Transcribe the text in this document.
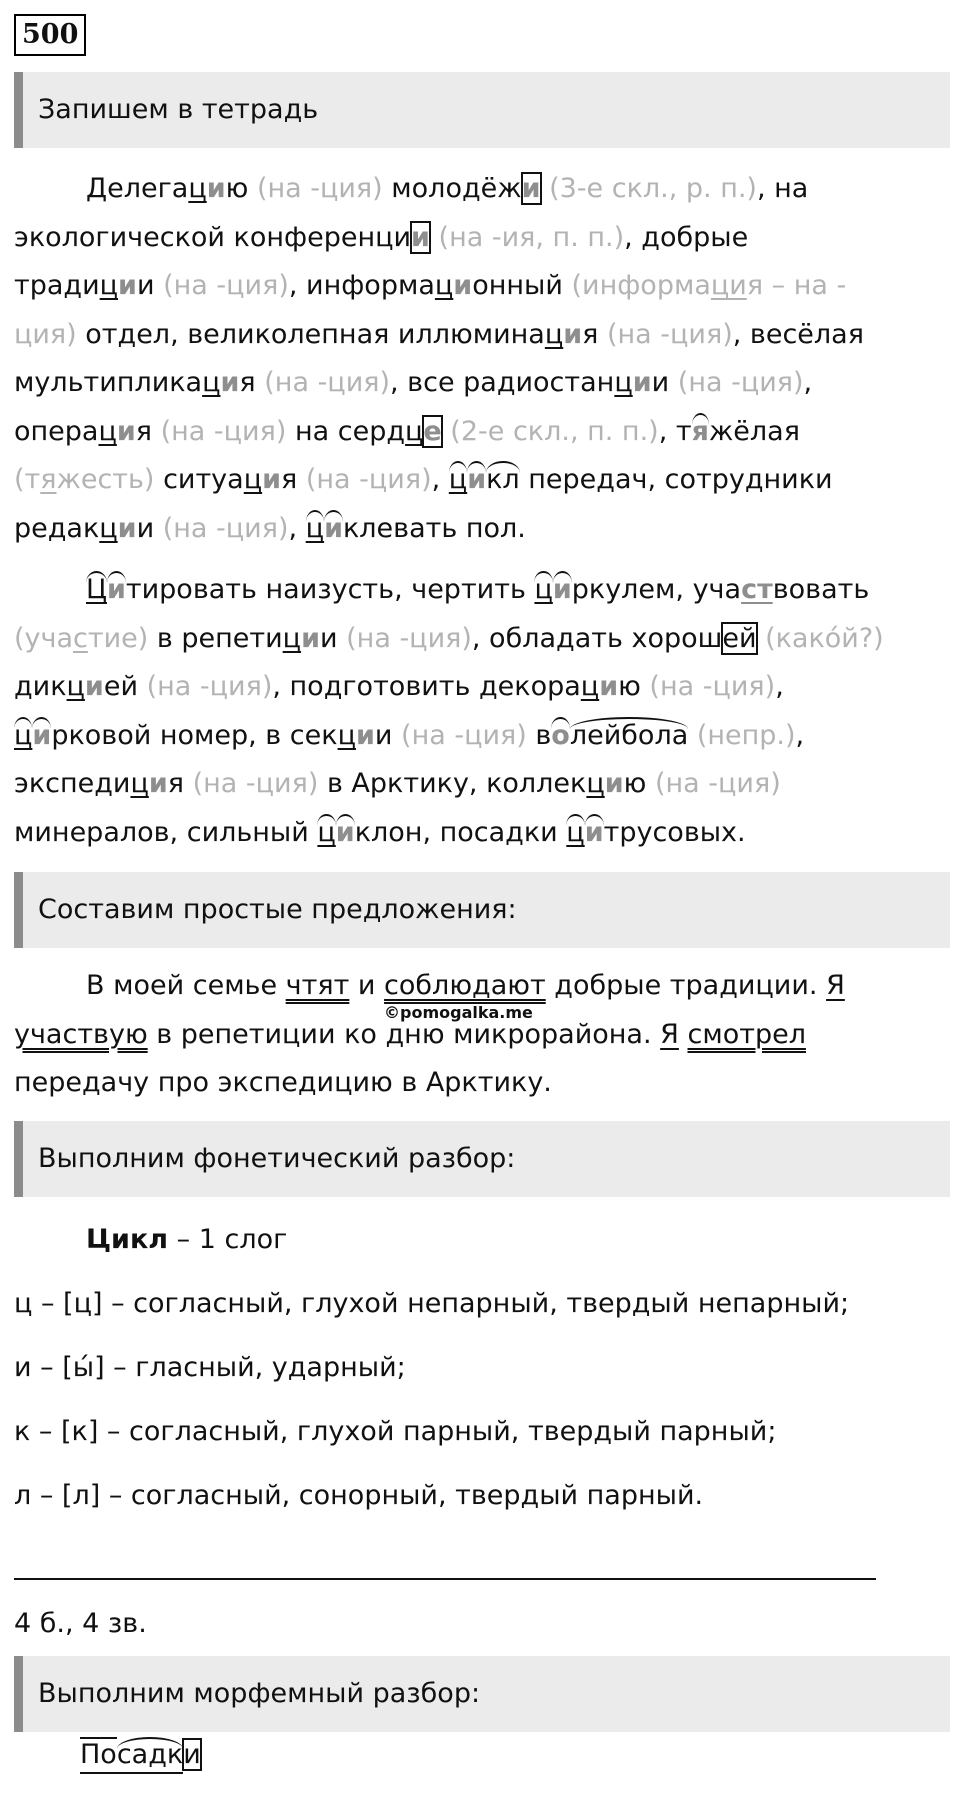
500
Запишем в тетрадь

Делегацию (на -ция) молодёжи (3-е скл., р. п.), на
экологической конференции (на -ия, п. п.), добрые
традиции (на -ция), информационный (информация – на -
ция) отдел, великолепная иллюминация (на -ция), весёлая
мультипликация (на -ция), все радиостанции (на -ция),
операция (на -ция) на сердце (2-е скл., п. п.), тяжёлая
(тяжесть) ситуация (на -ция), цикл передач, сотрудники
редакции (на -ция), циклевать пол.

Цитировать наизусть, чертить циркулем, участвовать
(участие) в репетиции (на -ция), обладать хорошей (какóй?)
дикцией (на -ция), подготовить декорацию (на -ция),
цирковой номер, в секции (на -ция) волейбола (непр.),
экспедиция (на -ция) в Арктику, коллекцию (на -ция)
минералов, сильный циклон, посадки цитрусовых.

Составим простые предложения:

В моей семье чтят и соблюдают добрые традиции. Я
участвую в репетиции ко дню микрорайона. Я смотрел
передачу про экспедицию в Арктику.

©pomogalka.me
Выполним фонетический разбор:
Цикл – 1 слог
ц – [ц] – согласный, глухой непарный, твердый непарный;
и – [ы́] – гласный, ударный;
к – [к] – согласный, глухой парный, твердый парный;
л – [л] – согласный, сонорный, твердый парный.
4 б., 4 зв.
Выполним морфемный разбор:
Посадки
